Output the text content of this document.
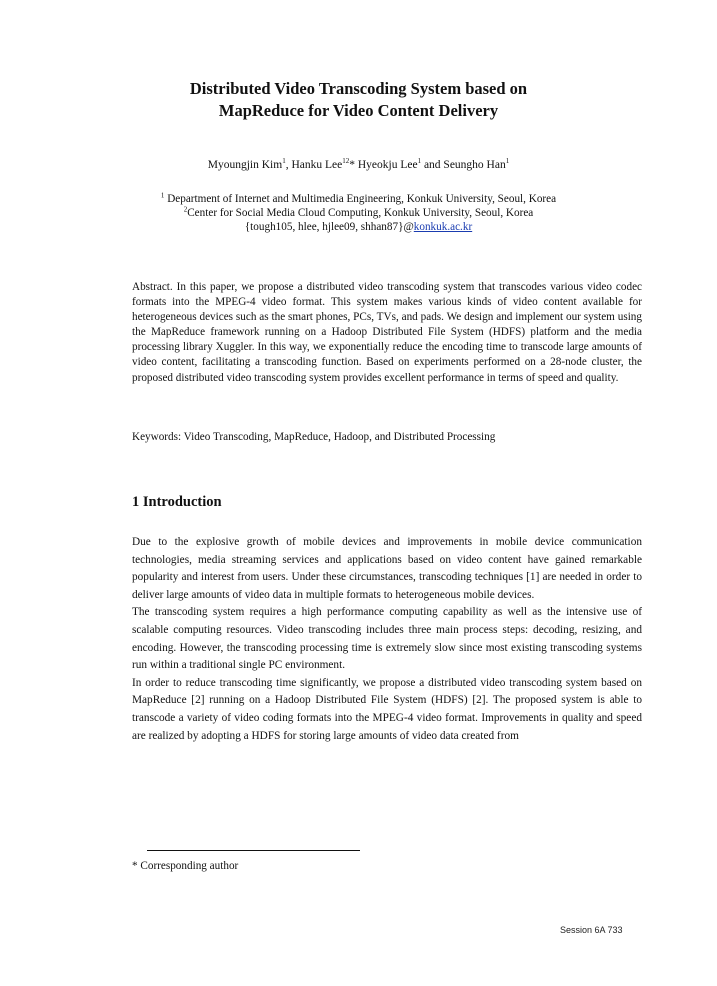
Distributed Video Transcoding System based on
MapReduce for Video Content Delivery
Myoungjin Kim$^1$, Hanku Lee$^{12}$* Hyeokju Lee$^1$ and Seungho Han$^1$
$^1$ Department of Internet and Multimedia Engineering, Konkuk University, Seoul, Korea
$^2$Center for Social Media Cloud Computing, Konkuk University, Seoul, Korea
{tough105, hlee, hjlee09, shhan87}@konkuk.ac.kr
Abstract. In this paper, we propose a distributed video transcoding system that transcodes various video codec formats into the MPEG-4 video format. This system makes various kinds of video content available for heterogeneous devices such as the smart phones, PCs, TVs, and pads. We design and implement our system using the MapReduce framework running on a Hadoop Distributed File System (HDFS) platform and the media processing library Xuggler. In this way, we exponentially reduce the encoding time to transcode large amounts of video content, facilitating a transcoding function. Based on experiments performed on a 28-node cluster, the proposed distributed video transcoding system provides excellent performance in terms of speed and quality.
Keywords: Video Transcoding, MapReduce, Hadoop, and Distributed Processing
1 Introduction

Due to the explosive growth of mobile devices and improvements in mobile device communication technologies, media streaming services and applications based on video content have gained remarkable popularity and interest from users. Under these circumstances, transcoding techniques [1] are needed in order to deliver large amounts of video data in multiple formats to heterogeneous mobile devices.

The transcoding system requires a high performance computing capability as well as the intensive use of scalable computing resources. Video transcoding includes three main process steps: decoding, resizing, and encoding. However, the transcoding processing time is extremely slow since most existing transcoding systems run within a traditional single PC environment.

In order to reduce transcoding time significantly, we propose a distributed video transcoding system based on MapReduce [2] running on a Hadoop Distributed File System (HDFS) [2]. The proposed system is able to transcode a variety of video coding formats into the MPEG-4 video format. Improvements in quality and speed are realized by adopting a HDFS for storing large amounts of video data created from

* Corresponding author
Session 6A 733
